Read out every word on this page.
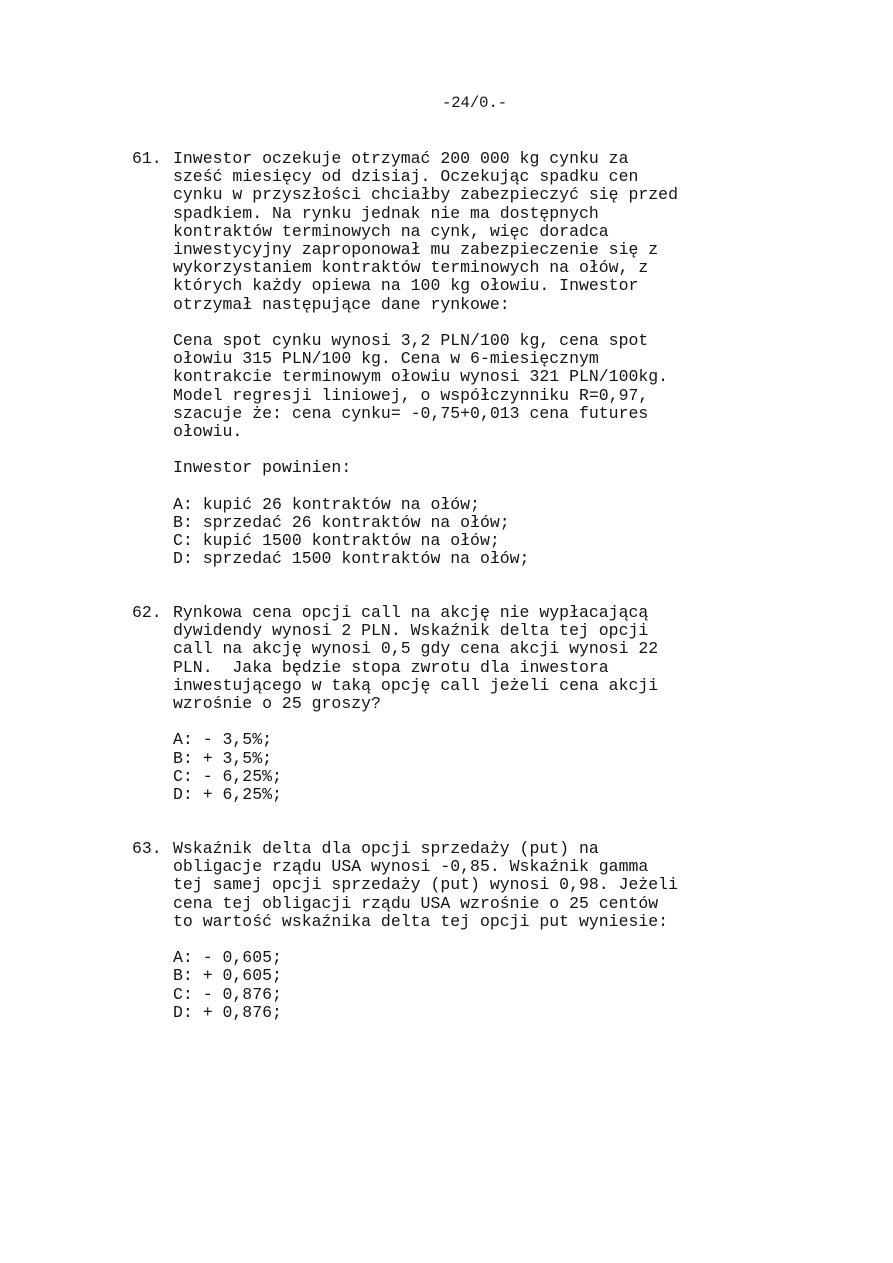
-24/0.-
61. Inwestor oczekuje otrzymać 200 000 kg cynku za
sześć miesięcy od dzisiaj. Oczekując spadku cen
cynku w przyszłości chciałby zabezpieczyć się przed
spadkiem. Na rynku jednak nie ma dostępnych
kontraktów terminowych na cynk, więc doradca
inwestycyjny zaproponował mu zabezpieczenie się z
wykorzystaniem kontraktów terminowych na ołów, z
których każdy opiewa na 100 kg ołowiu. Inwestor
otrzymał następujące dane rynkowe:
Cena spot cynku wynosi 3,2 PLN/100 kg, cena spot
ołowiu 315 PLN/100 kg. Cena w 6-miesięcznym
kontrakcie terminowym ołowiu wynosi 321 PLN/100kg.
Model regresji liniowej, o współczynniku R=0,97,
szacuje że: cena cynku= -0,75+0,013 cena futures
ołowiu.
Inwestor powinien:
A: kupić 26 kontraktów na ołów;
B: sprzedać 26 kontraktów na ołów;
C: kupić 1500 kontraktów na ołów;
D: sprzedać 1500 kontraktów na ołów;
62. Rynkowa cena opcji call na akcję nie wypłacającą
dywidendy wynosi 2 PLN. Wskaźnik delta tej opcji
call na akcję wynosi 0,5 gdy cena akcji wynosi 22
PLN.  Jaka będzie stopa zwrotu dla inwestora
inwestującego w taką opcję call jeżeli cena akcji
wzrośnie o 25 groszy?
A: - 3,5%;
B: + 3,5%;
C: - 6,25%;
D: + 6,25%;
63. Wskaźnik delta dla opcji sprzedaży (put) na
obligacje rządu USA wynosi -0,85. Wskaźnik gamma
tej samej opcji sprzedaży (put) wynosi 0,98. Jeżeli
cena tej obligacji rządu USA wzrośnie o 25 centów
to wartość wskaźnika delta tej opcji put wyniesie:
A: - 0,605;
B: + 0,605;
C: - 0,876;
D: + 0,876;
